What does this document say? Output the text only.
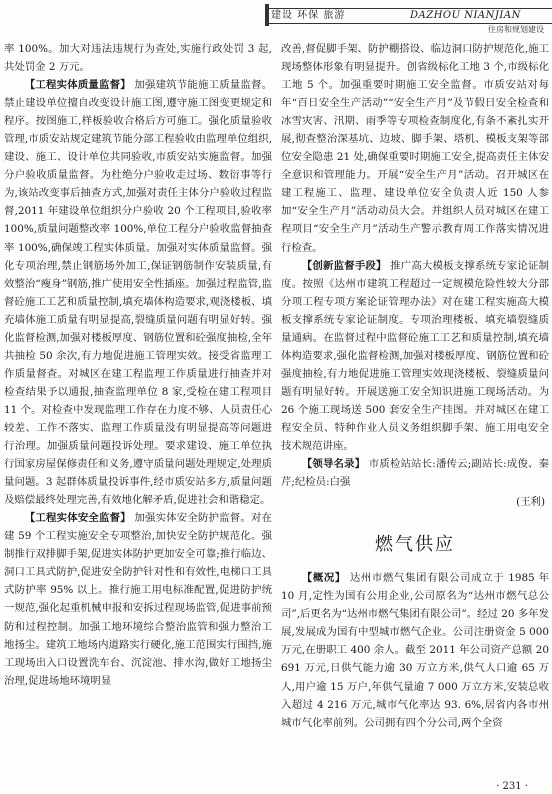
建设 环保 旅游	DAZHOU NIANJIAN
住房和规划建设

率 100%。加大对违法违规行为查处,实施行政处罚 3 起,共处罚金 2 万元。

【工程实体质量监督】 加强建筑节能施工质量监督。禁止建设单位擅自改变设计施工图,遵守施工图变更规定和程序。按图施工,样板验收合格后方可施工。强化质量验收管理,市质安站规定建筑节能分部工程验收由监理单位组织,建设、施工、设计单位共同验收,市质安站实施监督。加强分户验收质量监督。为杜绝分户验收走过场、数衍事等行为,该站改变事后抽查方式,加强对责任主体分户验收过程监督,2011 年建设单位组织分户验收 20 个工程项目,验收率 100%,质量问题整改率 100%,单位工程分户验收监督抽查率 100%,确保竣工程实体质量。加强对实体质量监督。强化专项治理,禁止钢筋场外加工,保证钢筋制作安装质量,有效整治“瘦身”钢筋,推广使用安全性插座。加强过程监管,监督砼施工工艺和质量控制,填充墙体构造要求,观浇楼板、填充墙体施工质量有明显提高,裂缝质量问题有明显好转。强化监督检测,加强对楼板厚度、钢筋位置和砼强度抽检,全年共抽检 50 余次,有力地促进施工管理实效。接受省监理工作质量督查。对城区在建工程监理工作质量进行抽查并对检查结果予以通报,抽查监理单位 8 家,受检在建工程项目 11 个。对检查中发现监理工作存在力度不够、人员责任心较差、工作不落实、监理工作质量没有明显提高等问题进行治理。加强质量问题投诉处理。要求建设、施工单位执行国家房屋保修责任和义务,遵守质量问题处理规定,处理质量问题。3 起群体质量投诉事件,经市质安站多方,质量问题及赔偿最终处理完善,有效地化解矛盾,促进社会和谐稳定。

【工程实体安全监督】 加强实体安全防护监督。对在建 59 个工程实施安全专项整治,加快安全防护规范化。强制推行双排脚手架,促进实体防护更加安全可靠;推行临边、洞口工具式防护,促进安全防护针对性和有效性,电梯口工具式防护率 95% 以上。推行施工用电标准配置,促进防护统一规范,强化起重机械申报和安拆过程现场监管,促进事前预防和过程控制。加强工地环境综合整治监管和强力整治工地扬尘。建筑工地场内道路实行硬化,施工范围实行围挡,施工现场出入口设置洗车台、沉淀池、排水沟,做好工地扬尘治理,促进场地环境明显

改善,督促脚手架、防护棚搭设、临边洞口防护规范化,施工现场整体形象有明显提升。创省级标化工地 3 个,市级标化工地 5 个。加强重要时期施工安全监督。市质安站对每年“百日安全生产活动”“安全生产月”及节假日安全检查和冰雪灾害、汛期、雨季等专项检查制度化,有条不紊扎实开展,彻查整治深基坑、边坡、脚手架、塔机、模板支架等部位安全隐患 21 处,确保重要时期施工安全,提高责任主体安全意识和管理能力。开展“安全生产月”活动。召开城区在建工程施工、监理、建设单位安全负责人近 150 人参加“安全生产月”活动动员大会。并组织人员对城区在建工程项目“安全生产月”活动生产警示教育周工作落实情况进行检查。

【创新监督手段】 推广高大模板支撑系统专家论证制度。按照《达州市建筑工程超过一定规模危险性较大分部分项工程专项方案论证管理办法》对在建工程实施高大模板支撑系统专家论证制度。专项治理楼板、填充墙裂缝质量通病。在监督过程中监督砼施工工艺和质量控制,填充墙体构造要求,强化监督检测,加强对楼板厚度、钢筋位置和砼强度抽检,有力地促进施工管理实效现浇楼板、裂缝质量问题有明显好转。开展送施工安全知识进施工现场活动。为 26 个施工现场送 500 套安全生产挂图。并对城区在建工程安全员、特种作业人员义务组织脚手架、施工用电安全技术规范讲座。

【领导名录】 市质检站站长:潘传云;副站长:成俊、秦芹;纪检员:白强

(王利)

燃气供应

【概况】 达州市燃气集团有限公司成立于 1985 年 10 月,定性为国有公用企业,公司原名为“达州市燃气总公司”,后更名为“达州市燃气集团有限公司”。经过 20 多年发展,发展成为国有中型城市燃气企业。公司注册资金 5 000 万元,在册职工 400 余人。截至 2011 年公司资产总额 20 691 万元,日供气能力逾 30 万立方米,供气人口逾 65 万人,用户逾 15 万户,年供气量逾 7 000 万立方米,安装总收入超过 4 216 万元,城市气化率达 93. 6%,居省内各市州城市气化率前列。公司拥有四个分公司,两个全资

· 231 ·
